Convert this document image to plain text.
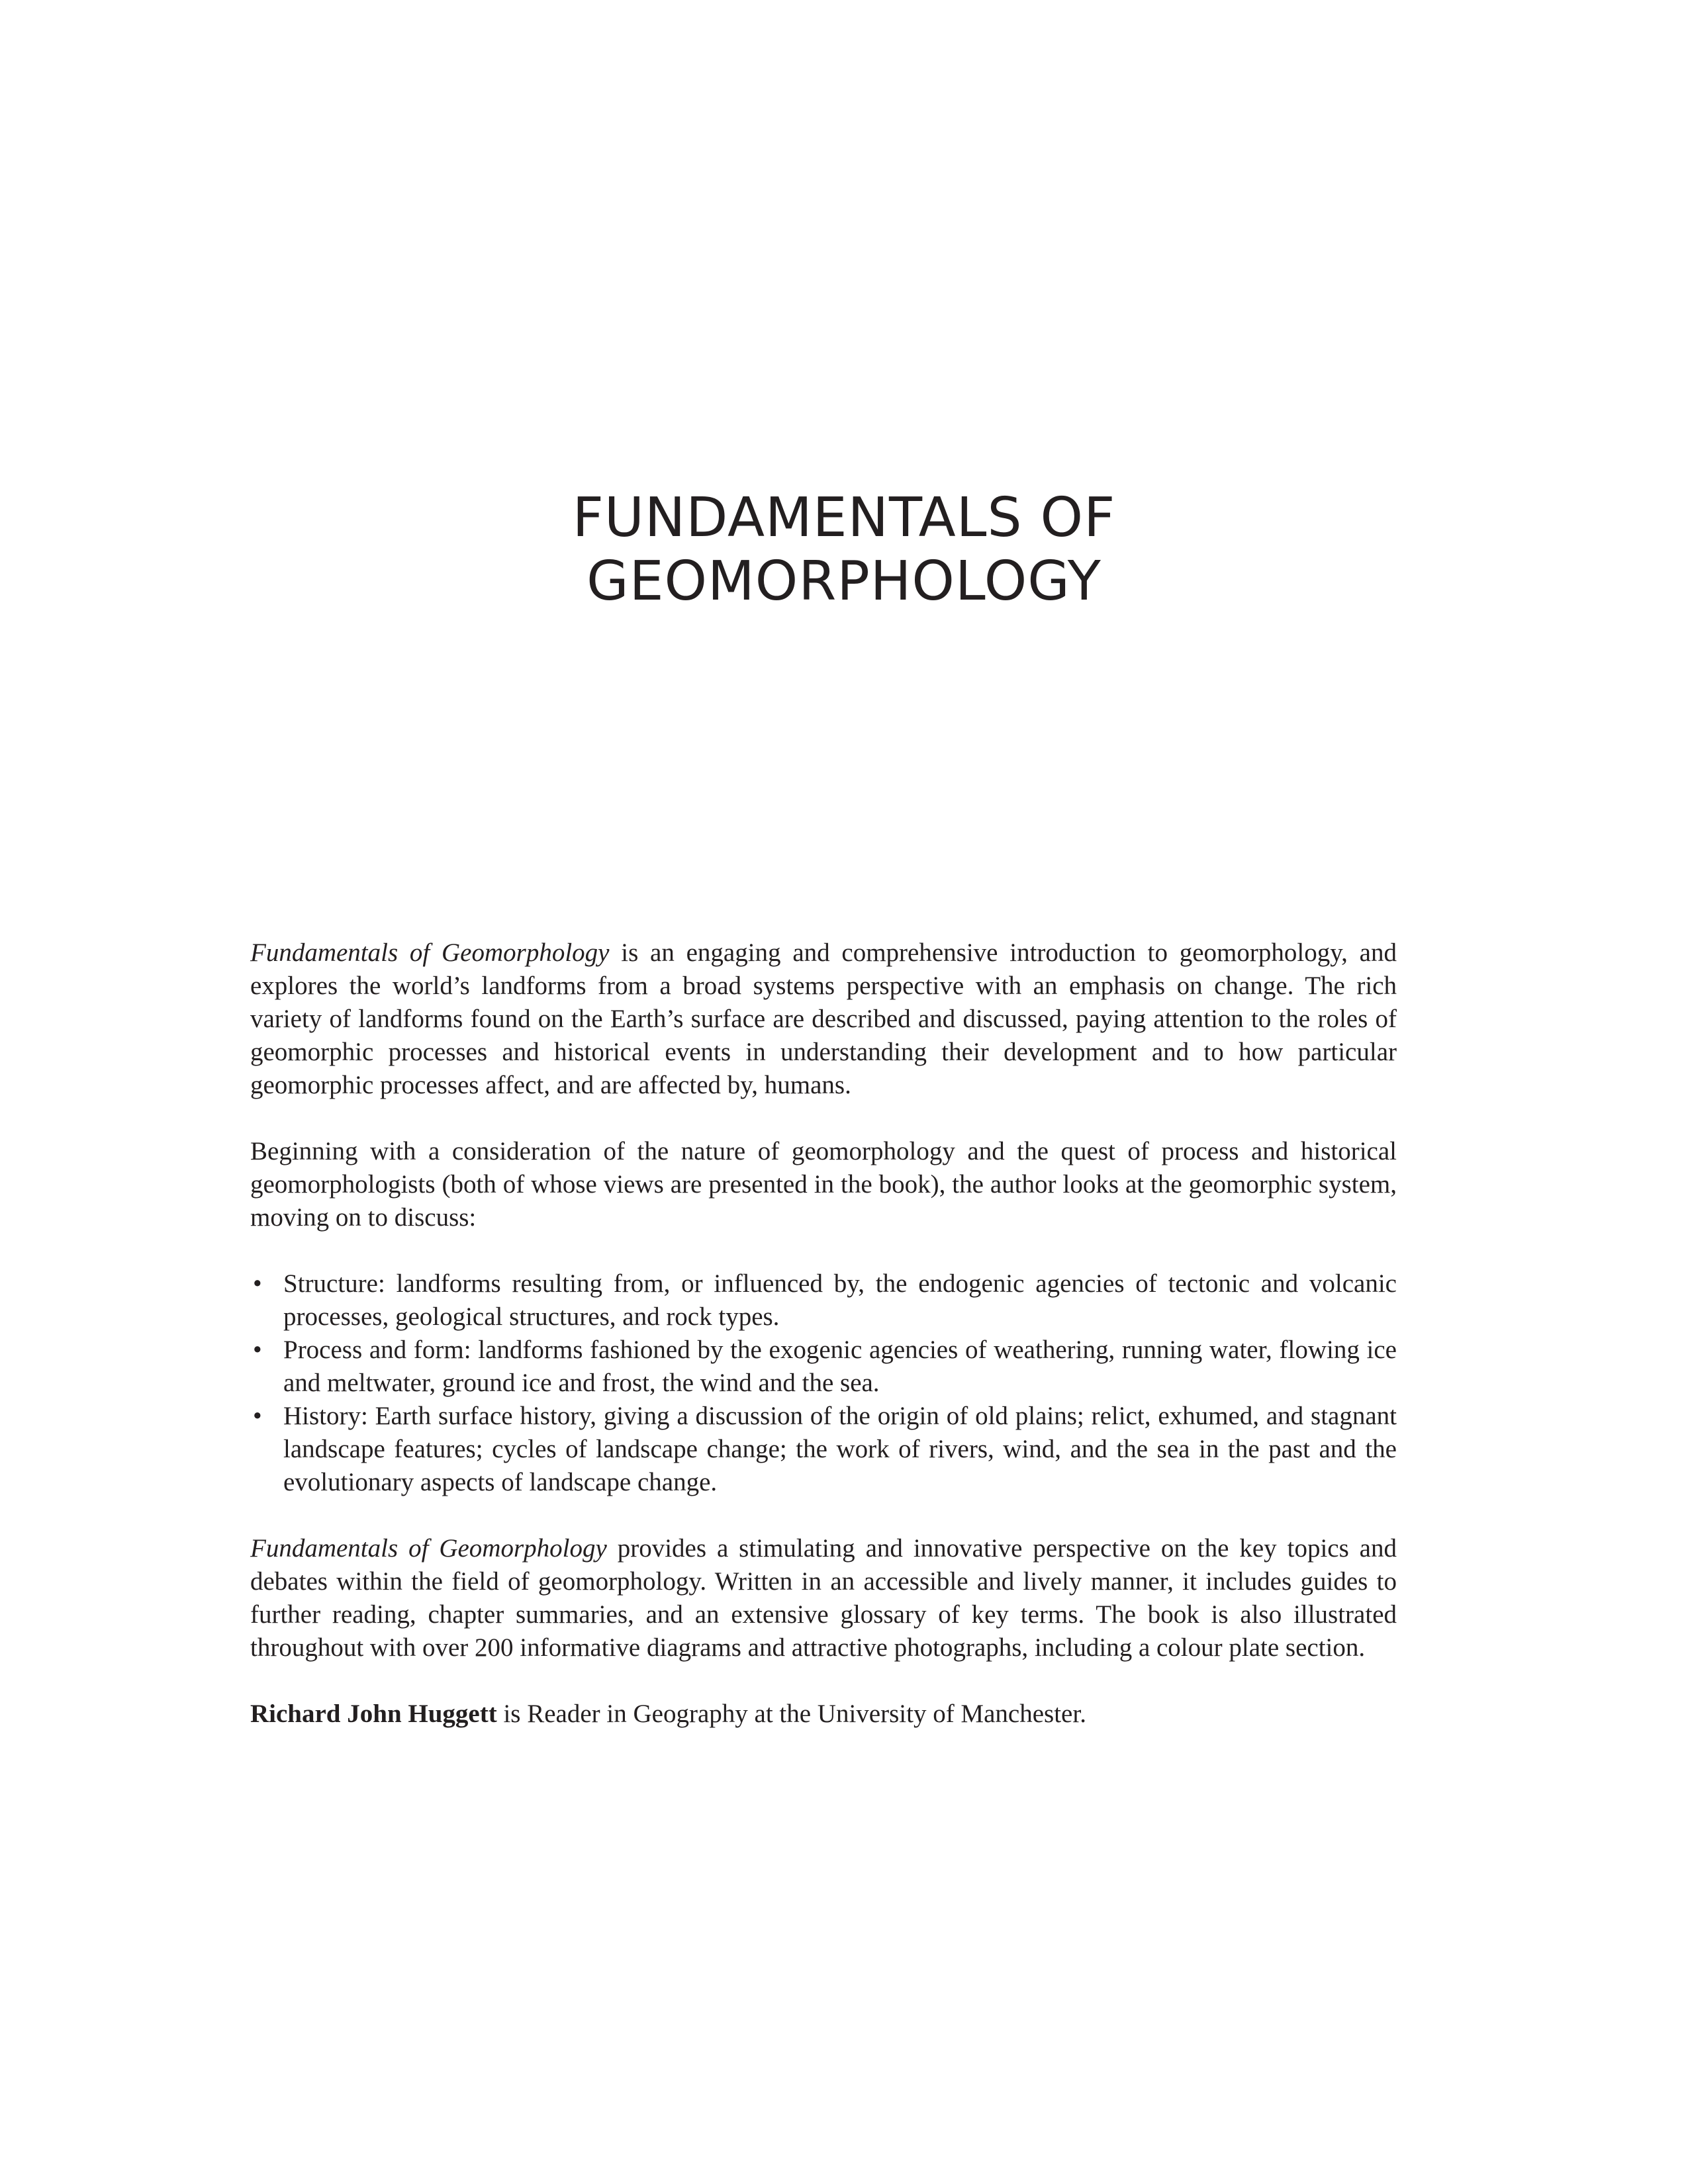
FUNDAMENTALS OF
GEOMORPHOLOGY

Fundamentals of Geomorphology is an engaging and comprehensive introduction to geomorphology, and explores the world’s landforms from a broad systems perspective with an emphasis on change. The rich variety of landforms found on the Earth’s surface are described and discussed, paying attention to the roles of geomorphic processes and historical events in understanding their development and to how particular geomorphic processes affect, and are affected by, humans.

Beginning with a consideration of the nature of geomorphology and the quest of process and historical geomorphologists (both of whose views are presented in the book), the author looks at the geomorphic system, moving on to discuss:

• Structure: landforms resulting from, or influenced by, the endogenic agencies of tectonic and volcanic processes, geological structures, and rock types.
• Process and form: landforms fashioned by the exogenic agencies of weathering, running water, flowing ice and meltwater, ground ice and frost, the wind and the sea.
• History: Earth surface history, giving a discussion of the origin of old plains; relict, exhumed, and stagnant landscape features; cycles of landscape change; the work of rivers, wind, and the sea in the past and the evolutionary aspects of landscape change.

Fundamentals of Geomorphology provides a stimulating and innovative perspective on the key topics and debates within the field of geomorphology. Written in an accessible and lively manner, it includes guides to further reading, chapter summaries, and an extensive glossary of key terms. The book is also illustrated throughout with over 200 informative diagrams and attractive photographs, including a colour plate section.

Richard John Huggett is Reader in Geography at the University of Manchester.
